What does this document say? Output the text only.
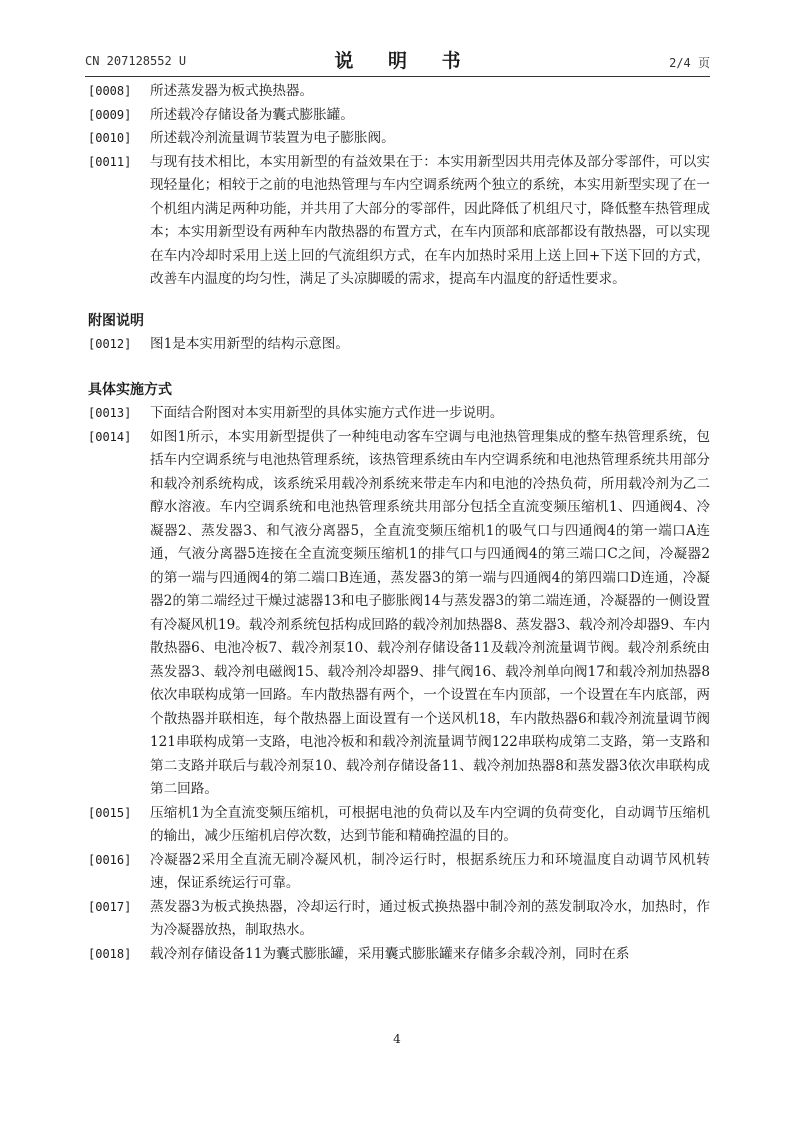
CN 207128552 U	说 明 书	2/4 页
[0008]	所述蒸发器为板式换热器。
[0009]	所述载冷存储设备为囊式膨胀罐。
[0010]	所述载冷剂流量调节装置为电子膨胀阀。
[0011]	与现有技术相比，本实用新型的有益效果在于：本实用新型因共用壳体及部分零部件，可以实现轻量化；相较于之前的电池热管理与车内空调系统两个独立的系统，本实用新型实现了在一个机组内满足两种功能，并共用了大部分的零部件，因此降低了机组尺寸，降低整车热管理成本；本实用新型设有两种车内散热器的布置方式，在车内顶部和底部都设有散热器，可以实现在车内冷却时采用上送上回的气流组织方式，在车内加热时采用上送上回+下送下回的方式，改善车内温度的均匀性，满足了头凉脚暖的需求，提高车内温度的舒适性要求。
附图说明
[0012]	图1是本实用新型的结构示意图。
具体实施方式
[0013]	下面结合附图对本实用新型的具体实施方式作进一步说明。
[0014]	如图1所示，本实用新型提供了一种纯电动客车空调与电池热管理集成的整车热管理系统，包括车内空调系统与电池热管理系统，该热管理系统由车内空调系统和电池热管理系统共用部分和载冷剂系统构成，该系统采用载冷剂系统来带走车内和电池的冷热负荷，所用载冷剂为乙二醇水溶液。车内空调系统和电池热管理系统共用部分包括全直流变频压缩机1、四通阀4、冷凝器2、蒸发器3、和气液分离器5，全直流变频压缩机1的吸气口与四通阀4的第一端口A连通，气液分离器5连接在全直流变频压缩机1的排气口与四通阀4的第三端口C之间，冷凝器2的第一端与四通阀4的第二端口B连通，蒸发器3的第一端与四通阀4的第四端口D连通，冷凝器2的第二端经过干燥过滤器13和电子膨胀阀14与蒸发器3的第二端连通，冷凝器的一侧设置有冷凝风机19。载冷剂系统包括构成回路的载冷剂加热器8、蒸发器3、载冷剂冷却器9、车内散热器6、电池冷板7、载冷剂泵10、载冷剂存储设备11及载冷剂流量调节阀。载冷剂系统由蒸发器3、载冷剂电磁阀15、载冷剂冷却器9、排气阀16、载冷剂单向阀17和载冷剂加热器8依次串联构成第一回路。车内散热器有两个，一个设置在车内顶部，一个设置在车内底部，两个散热器并联相连，每个散热器上面设置有一个送风机18，车内散热器6和载冷剂流量调节阀121串联构成第一支路，电池冷板和和载冷剂流量调节阀122串联构成第二支路，第一支路和第二支路并联后与载冷剂泵10、载冷剂存储设备11、载冷剂加热器8和蒸发器3依次串联构成第二回路。
[0015]	压缩机1为全直流变频压缩机，可根据电池的负荷以及车内空调的负荷变化，自动调节压缩机的输出，减少压缩机启停次数，达到节能和精确控温的目的。
[0016]	冷凝器2采用全直流无刷冷凝风机，制冷运行时，根据系统压力和环境温度自动调节风机转速，保证系统运行可靠。
[0017]	蒸发器3为板式换热器，冷却运行时，通过板式换热器中制冷剂的蒸发制取冷水，加热时，作为冷凝器放热，制取热水。
[0018]	载冷剂存储设备11为囊式膨胀罐，采用囊式膨胀罐来存储多余载冷剂，同时在系
4
